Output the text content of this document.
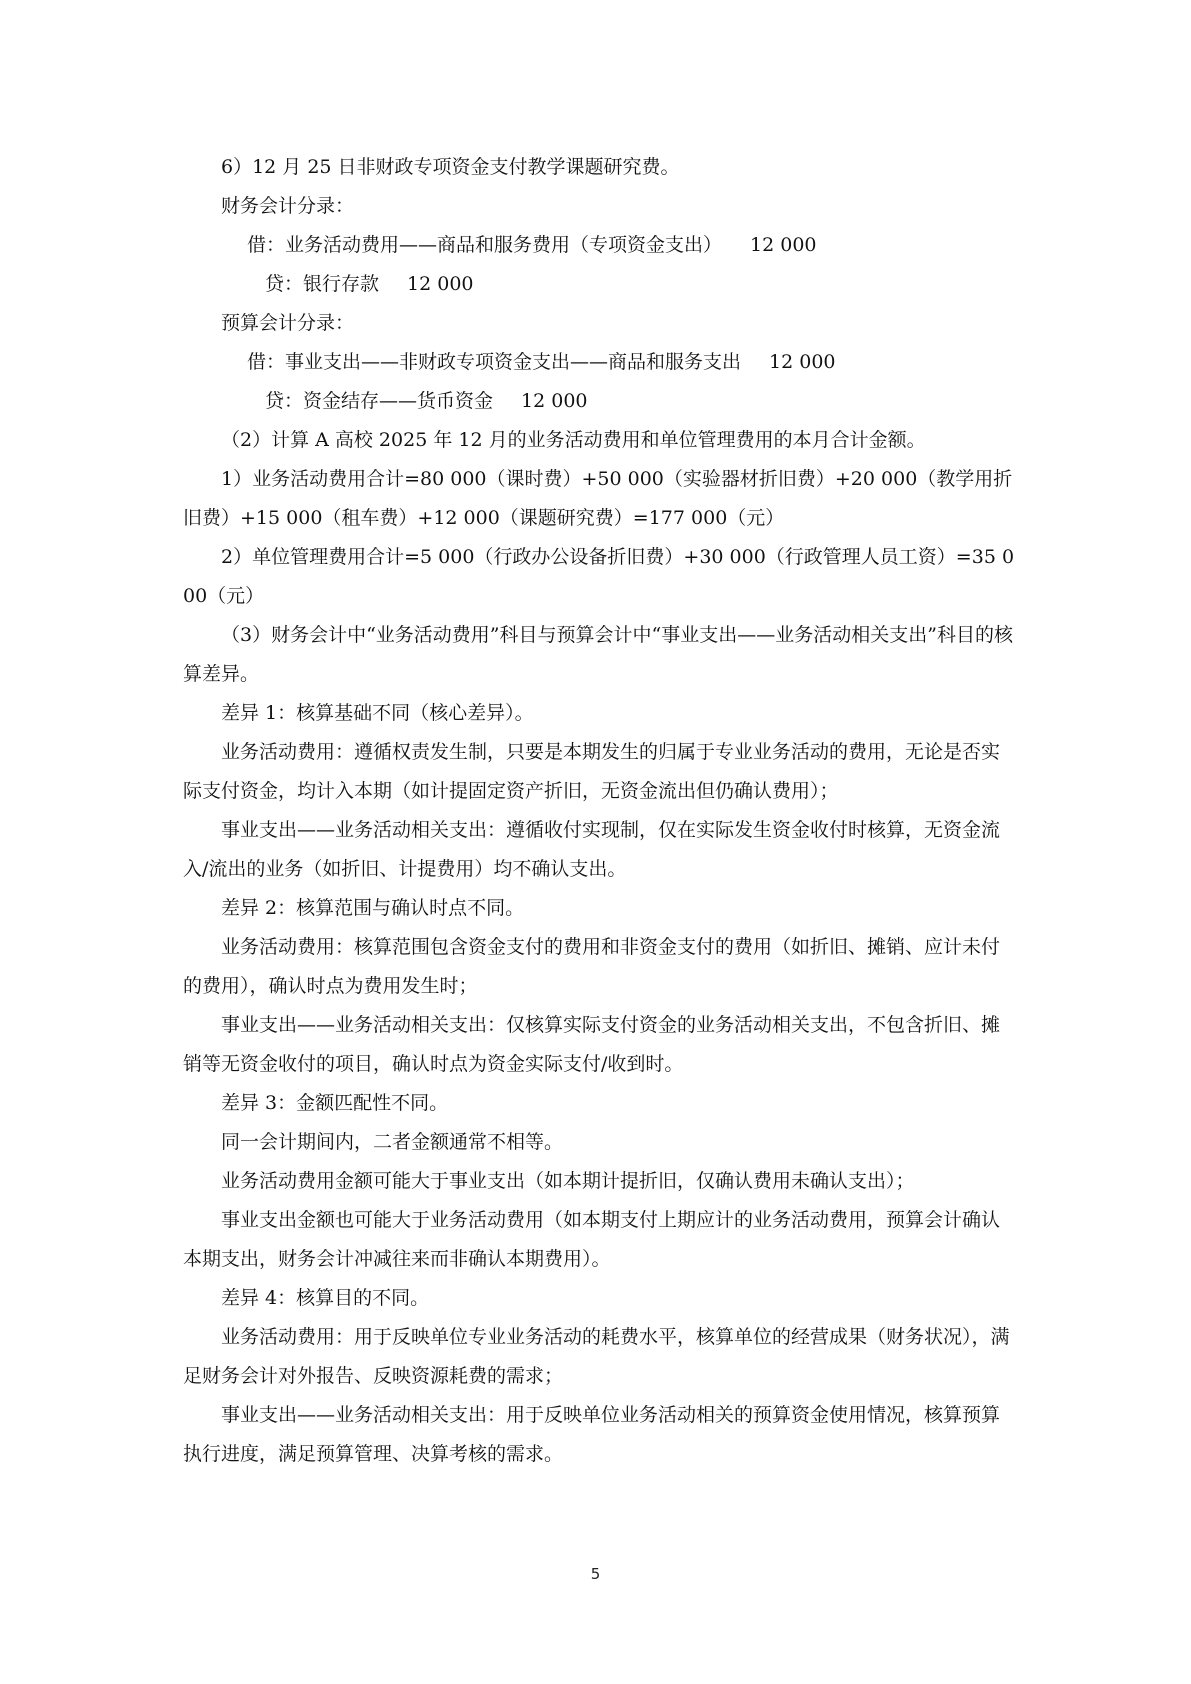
6）12 月 25 日非财政专项资金支付教学课题研究费。

财务会计分录：

借：业务活动费用——商品和服务费用（专项资金支出） 12 000

贷：银行存款 12 000

预算会计分录：

借：事业支出——非财政专项资金支出——商品和服务支出 12 000

贷：资金结存——货币资金 12 000

（2）计算 A 高校 2025 年 12 月的业务活动费用和单位管理费用的本月合计金额。

1）业务活动费用合计=80 000（课时费）+50 000（实验器材折旧费）+20 000（教学用折旧费）+15 000（租车费）+12 000（课题研究费）=177 000（元）

2）单位管理费用合计=5 000（行政办公设备折旧费）+30 000（行政管理人员工资）=35 000（元）

（3）财务会计中“业务活动费用”科目与预算会计中“事业支出——业务活动相关支出”科目的核算差异。

差异 1：核算基础不同（核心差异）。

业务活动费用：遵循权责发生制，只要是本期发生的归属于专业业务活动的费用，无论是否实际支付资金，均计入本期（如计提固定资产折旧，无资金流出但仍确认费用）；

事业支出——业务活动相关支出：遵循收付实现制，仅在实际发生资金收付时核算，无资金流入/流出的业务（如折旧、计提费用）均不确认支出。

差异 2：核算范围与确认时点不同。

业务活动费用：核算范围包含资金支付的费用和非资金支付的费用（如折旧、摊销、应计未付的费用），确认时点为费用发生时；

事业支出——业务活动相关支出：仅核算实际支付资金的业务活动相关支出，不包含折旧、摊销等无资金收付的项目，确认时点为资金实际支付/收到时。

差异 3：金额匹配性不同。

同一会计期间内，二者金额通常不相等。

业务活动费用金额可能大于事业支出（如本期计提折旧，仅确认费用未确认支出）；

事业支出金额也可能大于业务活动费用（如本期支付上期应计的业务活动费用，预算会计确认本期支出，财务会计冲减往来而非确认本期费用）。

差异 4：核算目的不同。

业务活动费用：用于反映单位专业业务活动的耗费水平，核算单位的经营成果（财务状况），满足财务会计对外报告、反映资源耗费的需求；

事业支出——业务活动相关支出：用于反映单位业务活动相关的预算资金使用情况，核算预算执行进度，满足预算管理、决算考核的需求。

5
